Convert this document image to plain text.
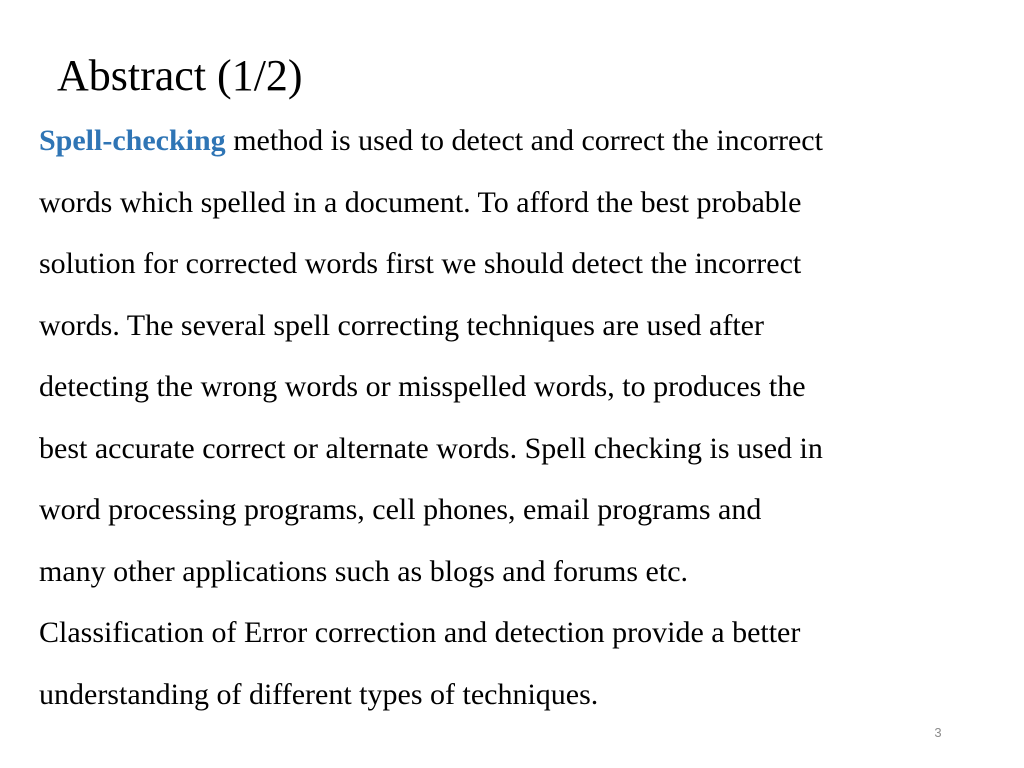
Abstract (1/2)
Spell-checking method is used to detect and correct the incorrect
words which spelled in a document. To afford the best probable
solution for corrected words first we should detect the incorrect
words. The several spell correcting techniques are used after
detecting the wrong words or misspelled words, to produces the
best accurate correct or alternate words. Spell checking is used in
word processing programs, cell phones, email programs and
many other applications such as blogs and forums etc.
Classification of Error correction and detection provide a better
understanding of different types of techniques.
3
